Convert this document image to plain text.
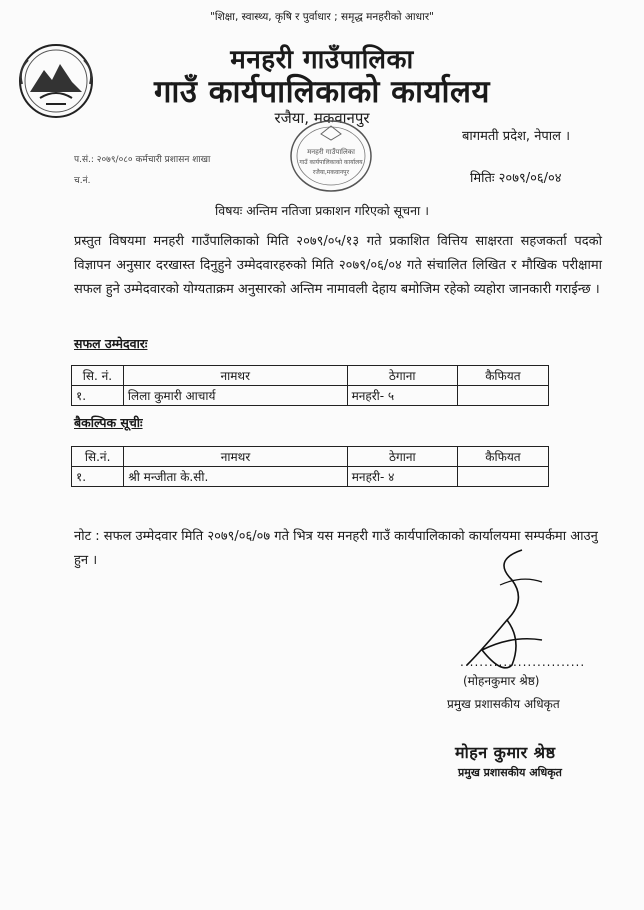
"शिक्षा, स्वास्थ्य, कृषि र पुर्वाधार ; समृद्ध मनहरीको आधार"
मनहरी गाउँपालिका
गाउँ कार्यपालिकाको कार्यालय
रजैया, मकवानपुर
मनहरी गाउँपालिका
गाउँ कार्यपालिकाको कार्यालय
रजैया,मकवानपुर
बागमती प्रदेश, नेपाल ।
प.सं.: २०७९/०८० कर्मचारी प्रशासन शाखा
च.नं.	मितिः २०७९/०६/०४
विषयः अन्तिम नतिजा प्रकाशन गरिएको सूचना ।
प्रस्तुत विषयमा मनहरी गाउँपालिकाको मिति २०७९/०५/१३ गते प्रकाशित वित्तिय साक्षरता सहजकर्ता पदको विज्ञापन अनुसार दरखास्त दिनुहुने उम्मेदवारहरुको मिति २०७९/०६/०४ गते संचालित लिखित र मौखिक परीक्षामा सफल हुने उम्मेदवारको योग्यताक्रम अनुसारको अन्तिम नामावली देहाय बमोजिम रहेको व्यहोरा जानकारी गराईन्छ ।
सफल उम्मेदवारः
सि. नं.	नामथर	ठेगाना	कैफियत
१.	लिला कुमारी आचार्य	मनहरी- ५	
बैकल्पिक सूचीः
सि.नं.	नामथर	ठेगाना	कैफियत
१.	श्री मन्जीता के.सी.	मनहरी- ४	
नोट : सफल उम्मेदवार मिति २०७९/०६/०७ गते भित्र यस मनहरी गाउँ कार्यपालिकाको कार्यालयमा सम्पर्कमा आउनु हुन ।
..........................
(मोहनकुमार श्रेष्ठ)
प्रमुख प्रशासकीय अधिकृत
मोहन कुमार श्रेष्ठ
प्रमुख प्रशासकीय अधिकृत
